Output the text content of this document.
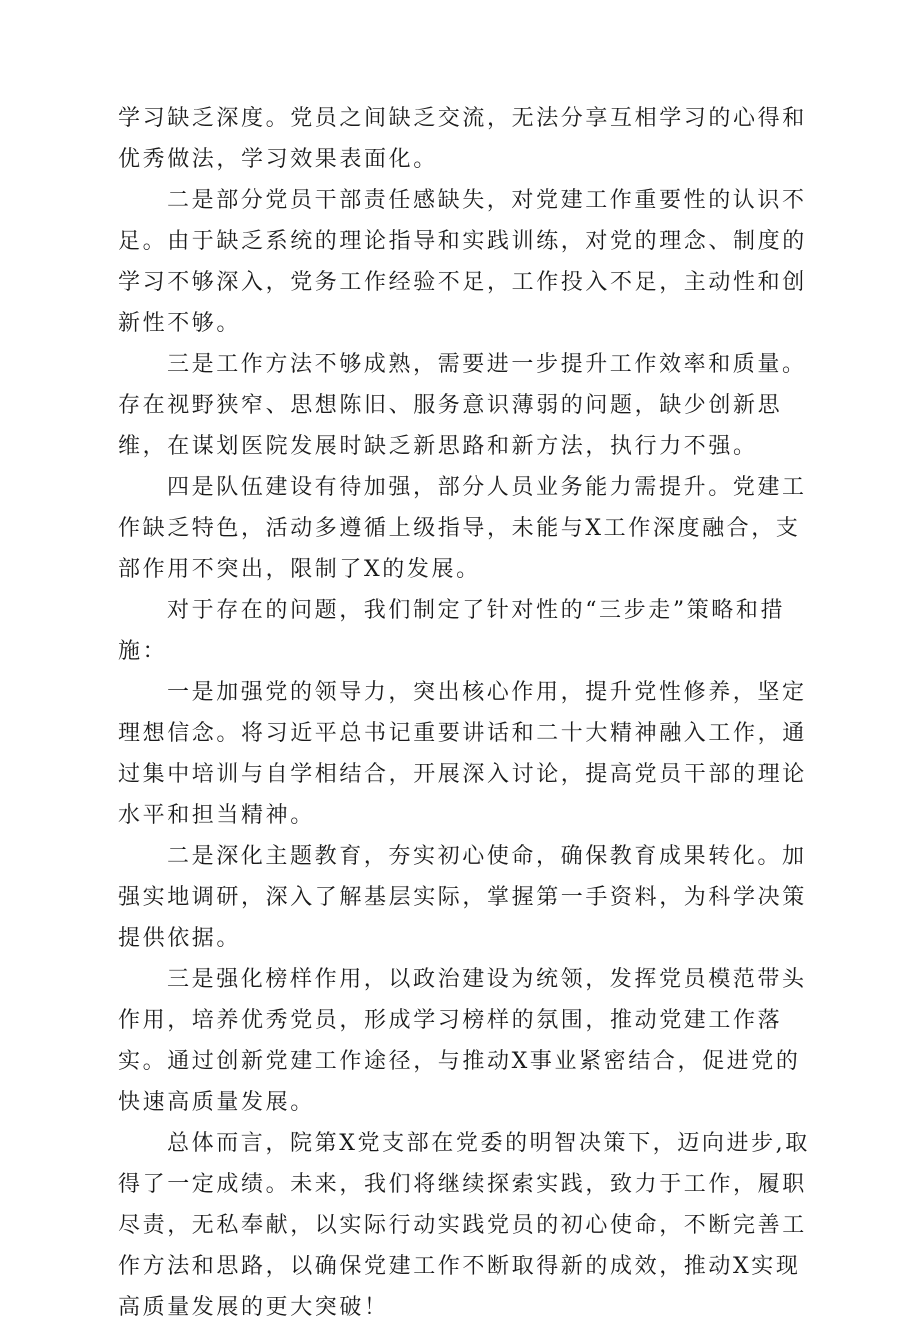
学习缺乏深度。党员之间缺乏交流，无法分享互相学习的心得和优秀做法，学习效果表面化。

二是部分党员干部责任感缺失，对党建工作重要性的认识不足。由于缺乏系统的理论指导和实践训练，对党的理念、制度的学习不够深入，党务工作经验不足，工作投入不足，主动性和创新性不够。

三是工作方法不够成熟，需要进一步提升工作效率和质量。存在视野狭窄、思想陈旧、服务意识薄弱的问题，缺少创新思维，在谋划医院发展时缺乏新思路和新方法，执行力不强。

四是队伍建设有待加强，部分人员业务能力需提升。党建工作缺乏特色，活动多遵循上级指导，未能与X工作深度融合，支部作用不突出，限制了X的发展。

对于存在的问题，我们制定了针对性的“三步走”策略和措施：

一是加强党的领导力，突出核心作用，提升党性修养，坚定理想信念。将习近平总书记重要讲话和二十大精神融入工作，通过集中培训与自学相结合，开展深入讨论，提高党员干部的理论水平和担当精神。

二是深化主题教育，夯实初心使命，确保教育成果转化。加强实地调研，深入了解基层实际，掌握第一手资料，为科学决策提供依据。

三是强化榜样作用，以政治建设为统领，发挥党员模范带头作用，培养优秀党员，形成学习榜样的氛围，推动党建工作落实。通过创新党建工作途径，与推动X事业紧密结合，促进党的快速高质量发展。

总体而言，院第X党支部在党委的明智决策下，迈向进步,取得了一定成绩。未来，我们将继续探索实践，致力于工作，履职尽责，无私奉献，以实际行动实践党员的初心使命，不断完善工作方法和思路，以确保党建工作不断取得新的成效，推动X实现高质量发展的更大突破！
